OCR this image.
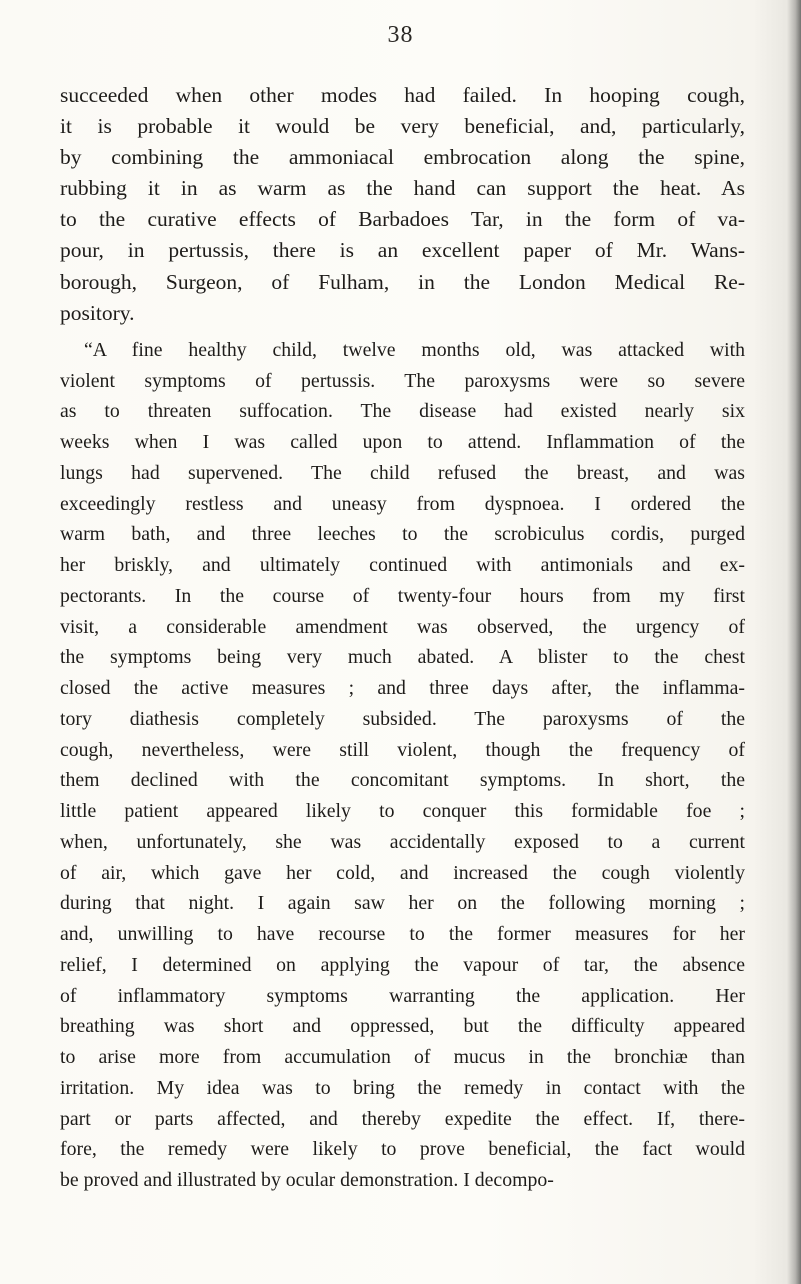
38
succeeded when other modes had failed. In hooping cough,
it is probable it would be very beneficial, and, particularly,
by combining the ammoniacal embrocation along the spine,
rubbing it in as warm as the hand can support the heat. As
to the curative effects of Barbadoes Tar, in the form of va-
pour, in pertussis, there is an excellent paper of Mr. Wans-
borough, Surgeon, of Fulham, in the London Medical Re-
pository.
“A fine healthy child, twelve months old, was attacked with
violent symptoms of pertussis. The paroxysms were so severe
as to threaten suffocation. The disease had existed nearly six
weeks when I was called upon to attend. Inflammation of the
lungs had supervened. The child refused the breast, and was
exceedingly restless and uneasy from dyspnoea. I ordered the
warm bath, and three leeches to the scrobiculus cordis, purged
her briskly, and ultimately continued with antimonials and ex-
pectorants. In the course of twenty-four hours from my first
visit, a considerable amendment was observed, the urgency of
the symptoms being very much abated. A blister to the chest
closed the active measures ; and three days after, the inflamma-
tory diathesis completely subsided. The paroxysms of the
cough, nevertheless, were still violent, though the frequency of
them declined with the concomitant symptoms. In short, the
little patient appeared likely to conquer this formidable foe ;
when, unfortunately, she was accidentally exposed to a current
of air, which gave her cold, and increased the cough violently
during that night. I again saw her on the following morning ;
and, unwilling to have recourse to the former measures for her
relief, I determined on applying the vapour of tar, the absence
of inflammatory symptoms warranting the application. Her
breathing was short and oppressed, but the difficulty appeared
to arise more from accumulation of mucus in the bronchiæ than
irritation. My idea was to bring the remedy in contact with the
part or parts affected, and thereby expedite the effect. If, there-
fore, the remedy were likely to prove beneficial, the fact would
be proved and illustrated by ocular demonstration. I decompo-
